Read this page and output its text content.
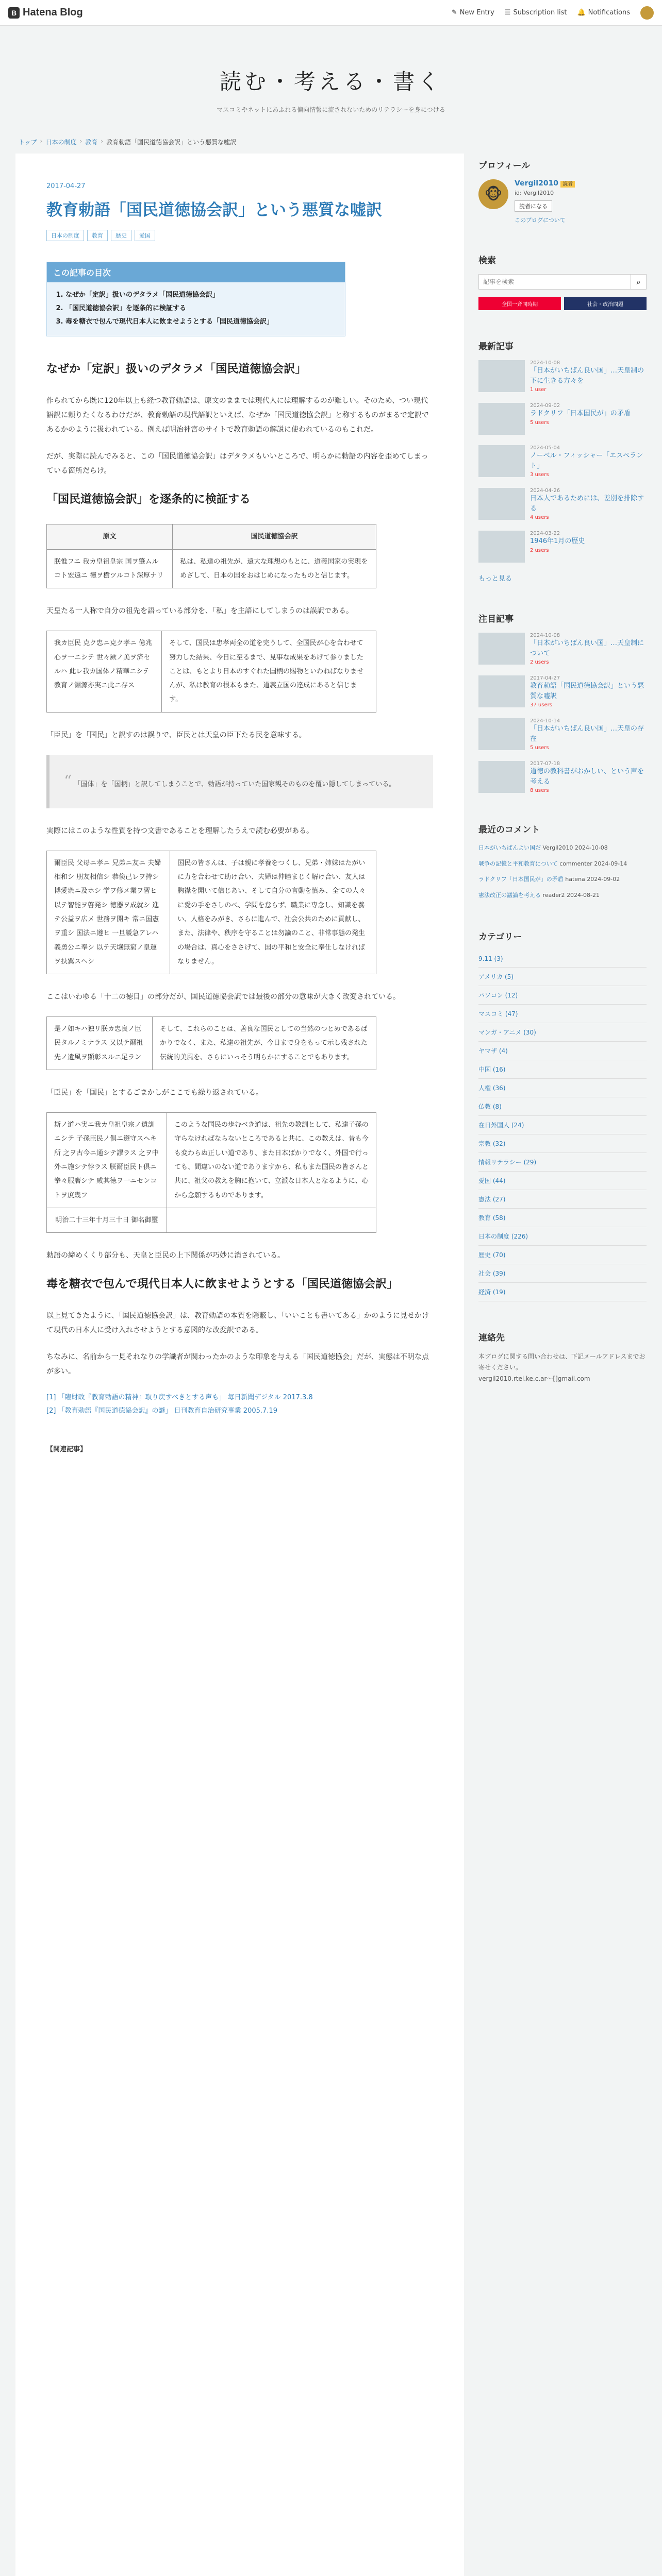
B Hatena Blog	✎ New Entry ☰ Subscription list 🔔 Notifications
読む・考える・書く
マスコミやネットにあふれる偏向情報に流されないためのリテラシーを身につける
トップ › 日本の制度 › 教育 › 教育勅語「国民道徳協会訳」という悪質な嘘訳
2017-04-27
教育勅語「国民道徳協会訳」という悪質な嘘訳
日本の制度	教育	歴史	愛国
この記事の目次
1. なぜか「定訳」扱いのデタラメ「国民道徳協会訳」
2. 「国民道徳協会訳」を逐条的に検証する
3. 毒を糖衣で包んで現代日本人に飲ませようとする「国民道徳協会訳」
なぜか「定訳」扱いのデタラメ「国民道徳協会訳」

作られてから既に120年以上も経つ教育勅語は、原文のままでは現代人には理解するのが難しい。そのため、つい現代語訳に頼りたくなるわけだが、教育勅語の現代語訳といえば、なぜか「国民道徳協会訳」と称するものがまるで定訳であるかのように扱われている。例えば明治神宮のサイトで教育勅語の解説に使われているのもこれだ。

だが、実際に読んでみると、この「国民道徳協会訳」はデタラメもいいところで、明らかに勅語の内容を歪めてしまっている箇所だらけ。

「国民道徳協会訳」を逐条的に検証する
原文	国民道徳協会訳
朕惟フニ 我カ皇祖皇宗 国ヲ肇ムルコト宏遠ニ 徳ヲ樹ツルコト深厚ナリ	私は、私達の祖先が、遠大な理想のもとに、道義国家の実現をめざして、日本の国をおはじめになったものと信じます。

天皇たる一人称で自分の祖先を語っている部分を、「私」を主語にしてしまうのは誤訳である。

我カ臣民 克ク忠ニ克ク孝ニ 億兆心ヲ一ニシテ 世々厥ノ美ヲ済セルハ 此レ我カ国体ノ精華ニシテ 教育ノ淵源亦実ニ此ニ存ス	そして、国民は忠孝両全の道を完うして、全国民が心を合わせて努力した結果、今日に至るまで、見事な成果をあげて参りましたことは、もとより日本のすぐれた国柄の賜物といわねばなりませんが、私は教育の根本もまた、道義立国の達成にあると信じます。

「臣民」を「国民」と訳すのは誤りで、臣民とは天皇の臣下たる民を意味する。

“ 「国体」を「国柄」と訳してしまうことで、勅語が持っていた国家観そのものを覆い隠してしまっている。

実際にはこのような性質を持つ文書であることを理解したうえで読む必要がある。

爾臣民 父母ニ孝ニ 兄弟ニ友ニ 夫婦相和シ 朋友相信シ 恭倹己レヲ持シ 博愛衆ニ及ホシ 学ヲ修メ業ヲ習ヒ 以テ智能ヲ啓発シ 徳器ヲ成就シ 進テ公益ヲ広メ 世務ヲ開キ 常ニ国憲ヲ重シ 国法ニ遵ヒ 一旦緩急アレハ義勇公ニ奉シ 以テ天壌無窮ノ皇運ヲ扶翼スヘシ	国民の皆さんは、子は親に孝養をつくし、兄弟・姉妹はたがいに力を合わせて助け合い、夫婦は仲睦まじく解け合い、友人は胸襟を開いて信じあい、そして自分の言動を慎み、全ての人々に愛の手をさしのべ、学問を怠らず、職業に専念し、知識を養い、人格をみがき、さらに進んで、社会公共のために貢献し、また、法律や、秩序を守ることは勿論のこと、非常事態の発生の場合は、真心をささげて、国の平和と安全に奉仕しなければなりません。

ここはいわゆる「十二の徳目」の部分だが、国民道徳協会訳では最後の部分の意味が大きく改変されている。

是ノ如キハ独リ朕カ忠良ノ臣民タルノミナラス 又以テ爾祖先ノ遺風ヲ顕彰スルニ足ラン	そして、これらのことは、善良な国民としての当然のつとめであるばかりでなく、また、私達の祖先が、今日まで身をもって示し残された伝統的美風を、さらにいっそう明らかにすることでもあります。

「臣民」を「国民」とするごまかしがここでも繰り返されている。

斯ノ道ハ実ニ我カ皇祖皇宗ノ遺訓ニシテ 子孫臣民ノ倶ニ遵守スヘキ所 之ヲ古今ニ通シテ謬ラス 之ヲ中外ニ施シテ悖ラス 朕爾臣民ト倶ニ拳々服膺シテ 咸其徳ヲ一ニセンコトヲ庶幾フ	このような国民の歩むべき道は、祖先の教訓として、私達子孫の守らなければならないところであると共に、この教えは、昔も今も変わらぬ正しい道であり、また日本ばかりでなく、外国で行っても、間違いのない道でありますから、私もまた国民の皆さんと共に、祖父の教えを胸に抱いて、立派な日本人となるように、心から念願するものであります。
明治二十三年十月三十日 御名御璽	

勅語の締めくくり部分も、天皇と臣民の上下関係が巧妙に消されている。

毒を糖衣で包んで現代日本人に飲ませようとする「国民道徳協会訳」

以上見てきたように、「国民道徳協会訳」は、教育勅語の本質を隠蔽し、「いいことも書いてある」かのように見せかけて現代の日本人に受け入れさせようとする意図的な改変訳である。

ちなみに、名前から一見それなりの学識者が関わったかのような印象を与える「国民道徳協会」だが、実態は不明な点が多い。

[1] 「臨財政『教育勅語の精神』取り戻すべきとする声も」 毎日新聞デジタル 2017.3.8
[2] 「教育勅語『国民道徳協会訳』の謎」 日刊教育自治研究事業 2005.7.19
【関連記事】
プロフィール
🐵
Vergil2010 読者
id: Vergil2010
読者になる
このブログについて
検索
記事を検索
⌕
全国一斉同時期	社会・政治問題
最新記事
2024-10-08
「日本がいちばん良い国」…天皇制の下に生きる方々を
1 user
2024-09-02
ラドクリフ「日本国民が」の矛盾
5 users
2024-05-04
ノーベル・フィッシャー「エスペラント」
3 users
2024-04-26
日本人であるためには、差別を排除する
4 users
2024-03-22
1946年1月の歴史
2 users
もっと見る
注目記事
2024-10-08
「日本がいちばん良い国」…天皇制について
2 users
2017-04-27
教育勅語「国民道徳協会訳」という悪質な嘘訳
37 users
2024-10-14
「日本がいちばん良い国」…天皇の存在
5 users
2017-07-18
道徳の教科書がおかしい、という声を考える
8 users
最近のコメント
日本がいちばんよい国だ Vergil2010 2024-10-08
戦争の記憶と平和教育について commenter 2024-09-14
ラドクリフ「日本国民が」の矛盾 hatena 2024-09-02
憲法改正の議論を考える reader2 2024-08-21
カテゴリー
9.11 (3)
アメリカ (5)
パソコン (12)
マスコミ (47)
マンガ・アニメ (30)
ヤマザ (4)
中国 (16)
人権 (36)
仏教 (8)
在日外国人 (24)
宗教 (32)
情報リテラシー (29)
愛国 (44)
憲法 (27)
教育 (58)
日本の制度 (226)
歴史 (70)
社会 (39)
経済 (19)
連絡先
本ブログに関する問い合わせは、下記メールアドレスまでお寄せください。
vergil2010.rtel.ke.c.ar〜[]gmail.com
